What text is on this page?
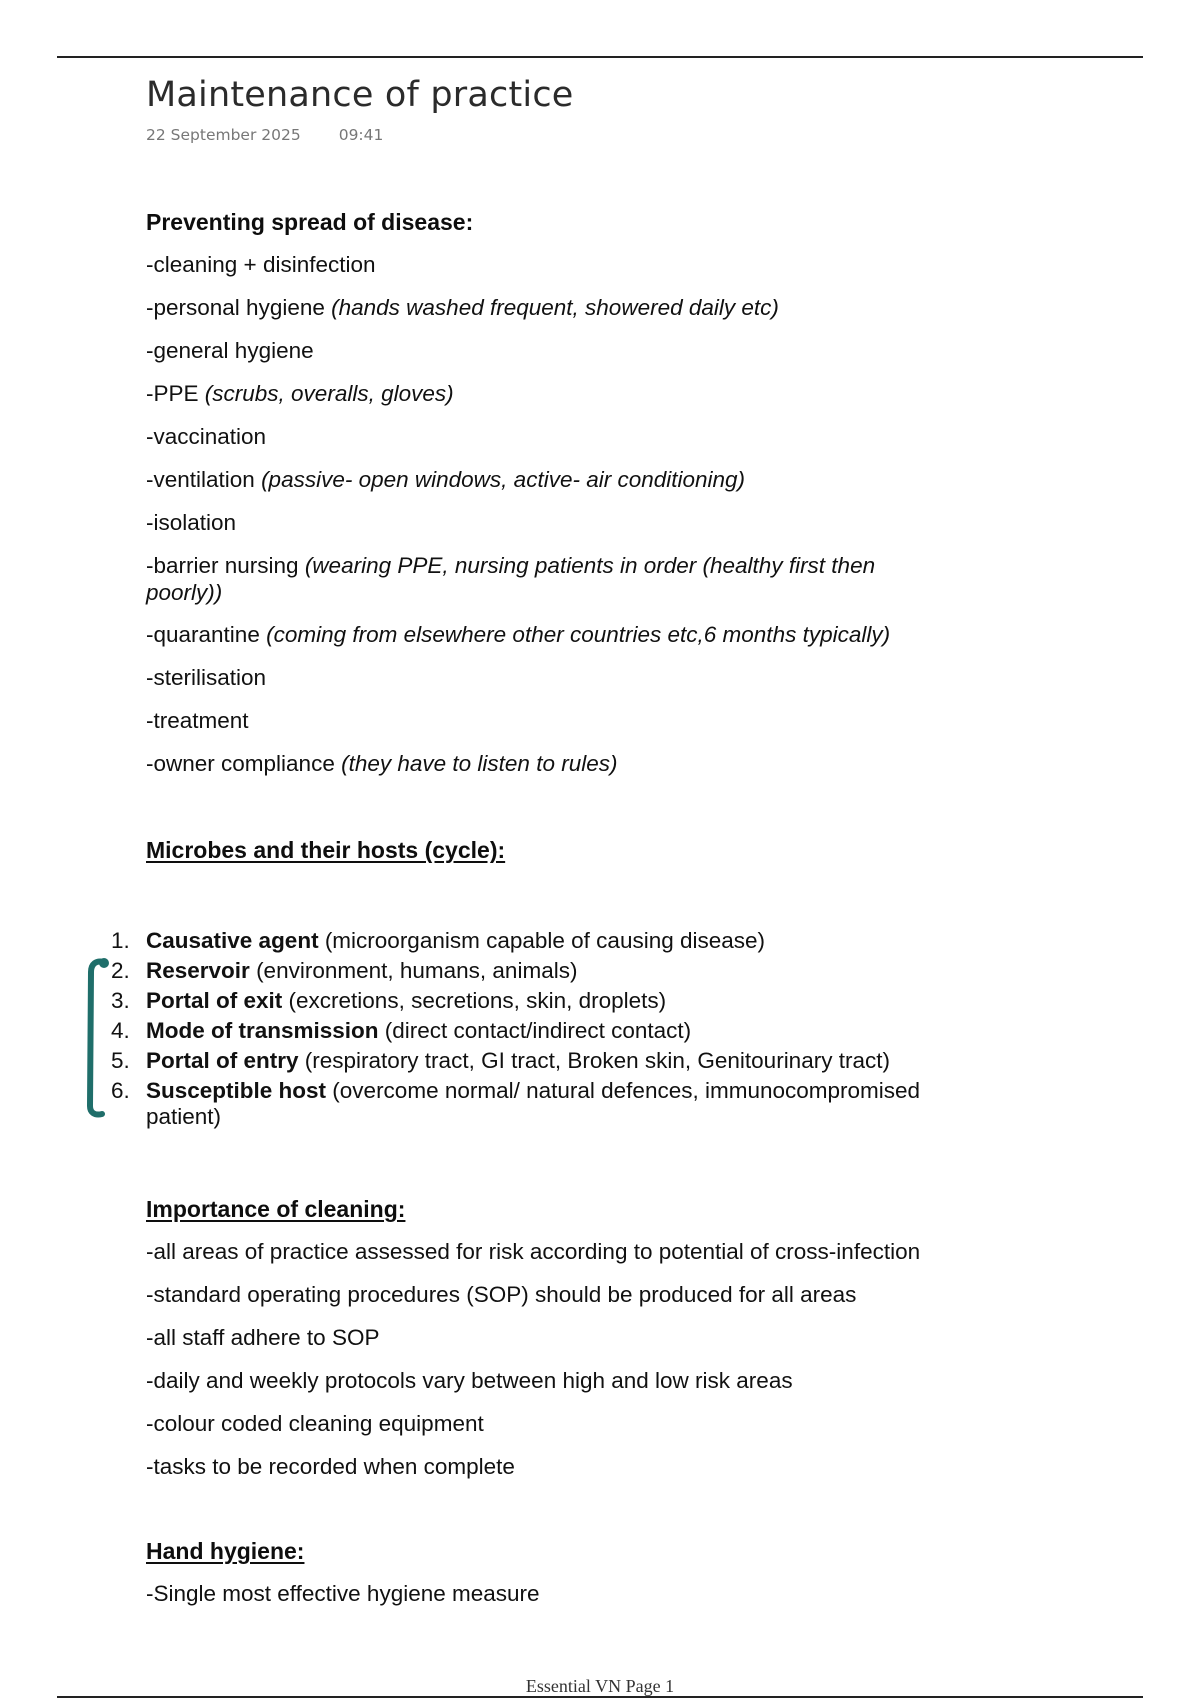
Maintenance of practice
22 September 2025 09:41

Preventing spread of disease:

-cleaning + disinfection

-personal hygiene (hands washed frequent, showered daily etc)

-general hygiene

-PPE (scrubs, overalls, gloves)

-vaccination

-ventilation (passive- open windows, active- air conditioning)

-isolation

-barrier nursing (wearing PPE, nursing patients in order (healthy first then poorly))

-quarantine (coming from elsewhere other countries etc,6 months typically)

-sterilisation

-treatment

-owner compliance (they have to listen to rules)

Microbes and their hosts (cycle):

1. Causative agent (microorganism capable of causing disease)
2. Reservoir (environment, humans, animals)
3. Portal of exit (excretions, secretions, skin, droplets)
4. Mode of transmission (direct contact/indirect contact)
5. Portal of entry (respiratory tract, GI tract, Broken skin, Genitourinary tract)
6. Susceptible host (overcome normal/ natural defences, immunocompromised patient)

Importance of cleaning:

-all areas of practice assessed for risk according to potential of cross-infection

-standard operating procedures (SOP) should be produced for all areas

-all staff adhere to SOP

-daily and weekly protocols vary between high and low risk areas

-colour coded cleaning equipment

-tasks to be recorded when complete

Hand hygiene:

-Single most effective hygiene measure

Essential VN Page 1
